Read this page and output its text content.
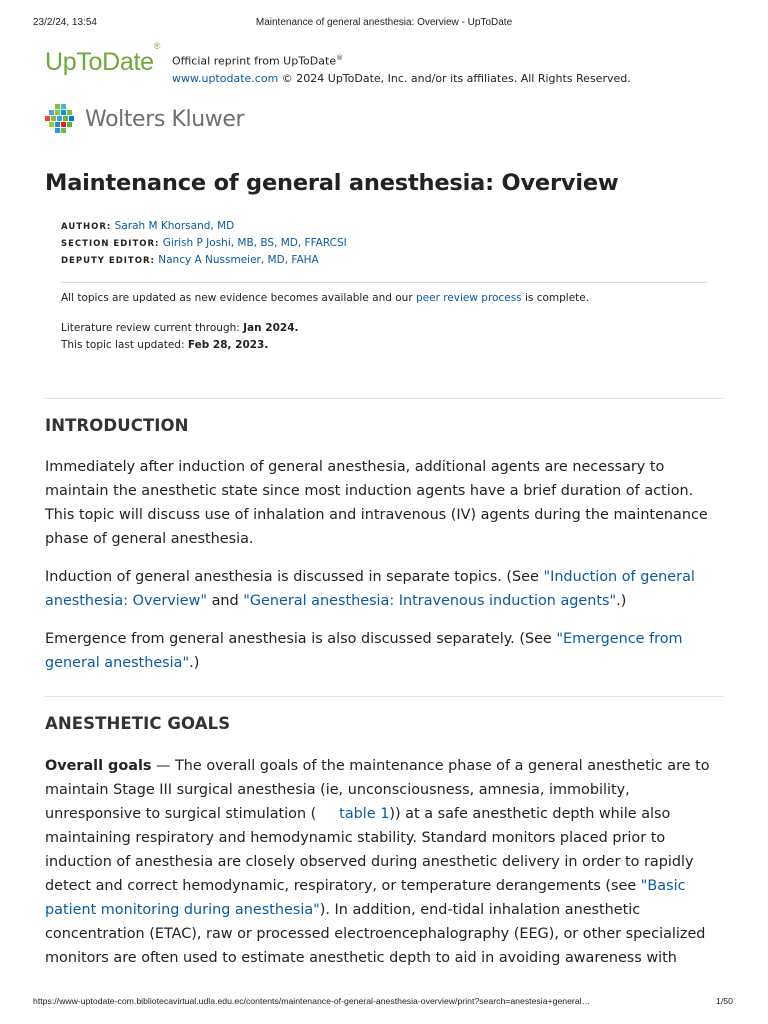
23/2/24, 13:54	Maintenance of general anesthesia: Overview - UpToDate
UpToDate®
Official reprint from UpToDate®
www.uptodate.com © 2024 UpToDate, Inc. and/or its affiliates. All Rights Reserved.
Wolters Kluwer
Maintenance of general anesthesia: Overview
AUTHOR: Sarah M Khorsand, MD
SECTION EDITOR: Girish P Joshi, MB, BS, MD, FFARCSI
DEPUTY EDITOR: Nancy A Nussmeier, MD, FAHA
All topics are updated as new evidence becomes available and our peer review process is complete.
Literature review current through: Jan 2024.
This topic last updated: Feb 28, 2023.
INTRODUCTION

Immediately after induction of general anesthesia, additional agents are necessary to maintain the anesthetic state since most induction agents have a brief duration of action. This topic will discuss use of inhalation and intravenous (IV) agents during the maintenance phase of general anesthesia.

Induction of general anesthesia is discussed in separate topics. (See "Induction of general anesthesia: Overview" and "General anesthesia: Intravenous induction agents".)

Emergence from general anesthesia is also discussed separately. (See "Emergence from general anesthesia".)

ANESTHETIC GOALS

Overall goals — The overall goals of the maintenance phase of a general anesthetic are to maintain Stage III surgical anesthesia (ie, unconsciousness, amnesia, immobility, unresponsive to surgical stimulation (     table 1)) at a safe anesthetic depth while also maintaining respiratory and hemodynamic stability. Standard monitors placed prior to induction of anesthesia are closely observed during anesthetic delivery in order to rapidly detect and correct hemodynamic, respiratory, or temperature derangements (see "Basic patient monitoring during anesthesia"). In addition, end-tidal inhalation anesthetic concentration (ETAC), raw or processed electroencephalography (EEG), or other specialized monitors are often used to estimate anesthetic depth to aid in avoiding awareness with

https://www-uptodate-com.bibliotecavirtual.udla.edu.ec/contents/maintenance-of-general-anesthesia-overview/print?search=anestesia+general…	1/50
